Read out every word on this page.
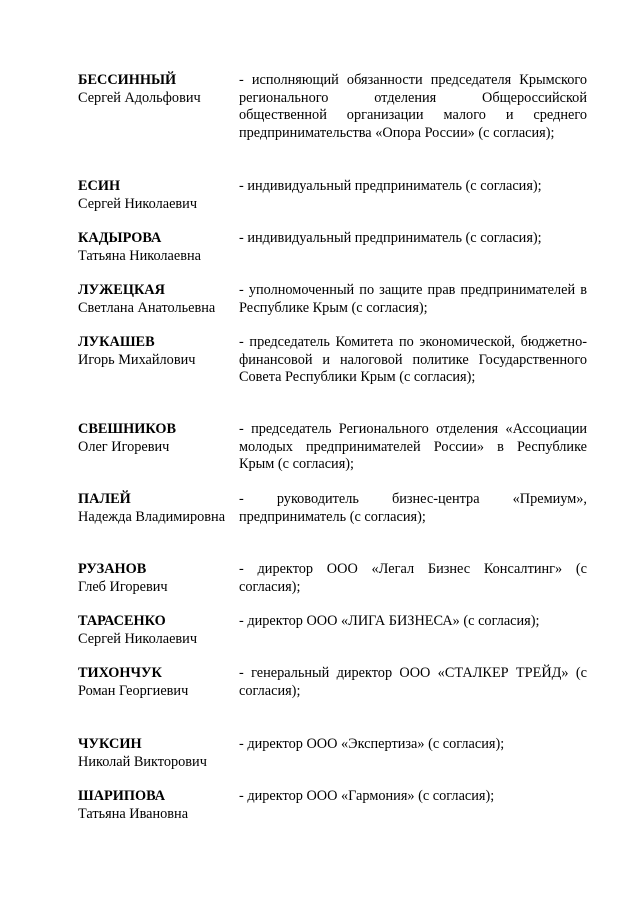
БЕССИННЫЙ
Сергей Адольфович
- исполняющий обязанности председателя Крымского регионального отделения Общероссийской общественной организации малого и среднего предпринимательства «Опора России» (с согласия);
ЕСИН
Сергей Николаевич
- индивидуальный предприниматель (с согласия);
КАДЫРОВА
Татьяна Николаевна
- индивидуальный предприниматель (с согласия);
ЛУЖЕЦКАЯ
Светлана Анатольевна
- уполномоченный по защите прав предпринимателей в Республике Крым (с согласия);
ЛУКАШЕВ
Игорь Михайлович
- председатель Комитета по экономической, бюджетно-финансовой и налоговой политике Государственного Совета Республики Крым (с согласия);
СВЕШНИКОВ
Олег Игоревич
- председатель Регионального отделения «Ассоциации молодых предпринимателей России» в Республике Крым (с согласия);
ПАЛЕЙ
Надежда Владимировна
- руководитель бизнес-центра «Премиум», предприниматель (с согласия);
РУЗАНОВ
Глеб Игоревич
- директор ООО «Легал Бизнес Консалтинг» (с согласия);
ТАРАСЕНКО
Сергей Николаевич
- директор ООО «ЛИГА БИЗНЕСА» (с согласия);
ТИХОНЧУК
Роман Георгиевич
- генеральный директор ООО «СТАЛКЕР ТРЕЙД» (с согласия);
ЧУКСИН
Николай Викторович
- директор ООО «Экспертиза» (с согласия);
ШАРИПОВА
Татьяна Ивановна
- директор ООО «Гармония» (с согласия);
